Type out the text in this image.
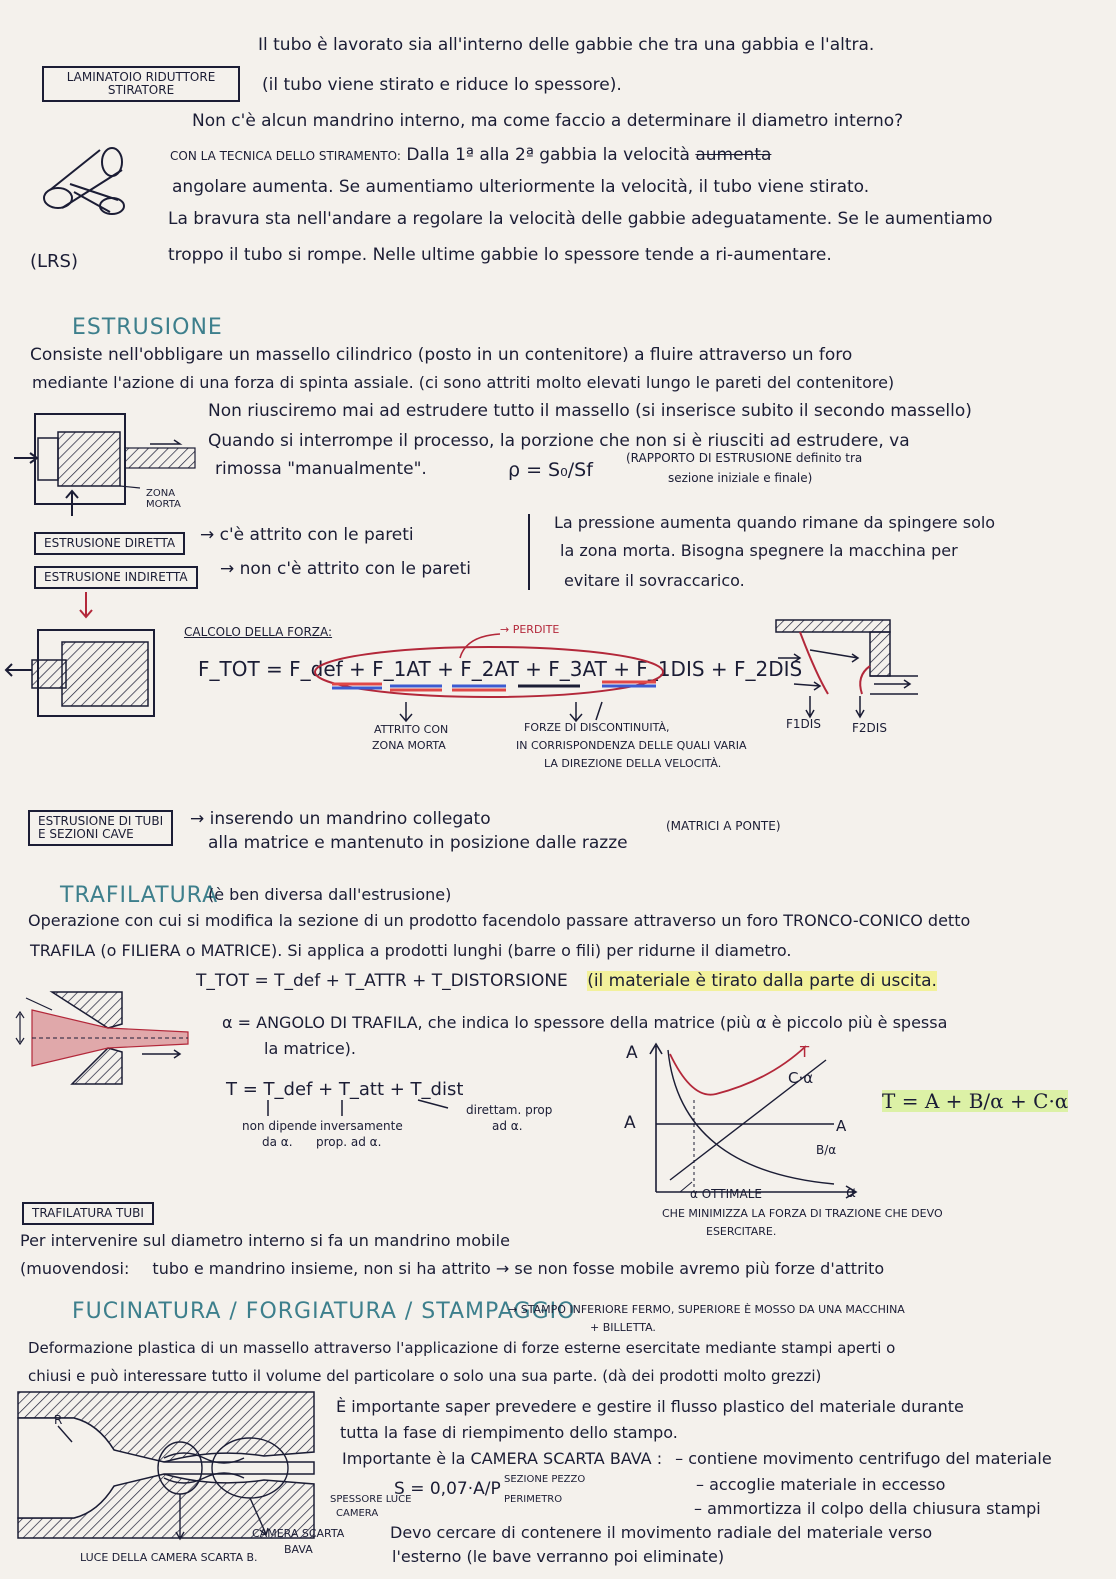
LAMINATOIO RIDUTTORE
STIRATORE
Il tubo è lavorato sia all'interno delle gabbie che tra una gabbia e l'altra.
(il tubo viene stirato e riduce lo spessore).
Non c'è alcun mandrino interno, ma come faccio a determinare il diametro interno?
CON LA TECNICA DELLO STIRAMENTO: Dalla 1ª alla 2ª gabbia la velocità aumenta
angolare aumenta. Se aumentiamo ulteriormente la velocità, il tubo viene stirato.
La bravura sta nell'andare a regolare la velocità delle gabbie adeguatamente. Se le aumentiamo
troppo il tubo si rompe. Nelle ultime gabbie lo spessore tende a ri-aumentare.
(LRS)
ESTRUSIONE
Consiste nell'obbligare un massello cilindrico (posto in un contenitore) a fluire attraverso un foro
mediante l'azione di una forza di spinta assiale. (ci sono attriti molto elevati lungo le pareti del contenitore)
Non riusciremo mai ad estrudere tutto il massello (si inserisce subito il secondo massello)
Quando si interrompe il processo, la porzione che non si è riusciti ad estrudere, va
rimossa "manualmente".	ρ = S₀/Sf
(RAPPORTO DI ESTRUSIONE definito tra
sezione iniziale e finale)
ZONA MORTA
ESTRUSIONE DIRETTA	→ c'è attrito con le pareti
ESTRUSIONE INDIRETTA	→ non c'è attrito con le pareti
La pressione aumenta quando rimane da spingere solo
la zona morta. Bisogna spegnere la macchina per
evitare il sovraccarico.
CALCOLO DELLA FORZA:	→ PERDITE
F_TOT = F_def + F_1AT + F_2AT + F_3AT + F_1DIS + F_2DIS
ATTRITO CON
ZONA MORTA
FORZE DI DISCONTINUITÀ,
IN CORRISPONDENZA DELLE QUALI VARIA
LA DIREZIONE DELLA VELOCITÀ.
F1DIS	F2DIS
ESTRUSIONE DI TUBI
E SEZIONI CAVE
→ inserendo un mandrino collegato
alla matrice e mantenuto in posizione dalle razze
(MATRICI A PONTE)
TRAFILATURA
(è ben diversa dall'estrusione)
Operazione con cui si modifica la sezione di un prodotto facendolo passare attraverso un foro TRONCO-CONICO detto
TRAFILA (o FILIERA o MATRICE). Si applica a prodotti lunghi (barre o fili) per ridurne il diametro.
T_TOT = T_def + T_ATTR + T_DISTORSIONE (il materiale è tirato dalla parte di uscita.
α = ANGOLO DI TRAFILA, che indica lo spessore della matrice (più α è piccolo più è spessa
la matrice).
T = T_def + T_att + T_dist
non dipende
da α.
inversamente
prop. ad α.
direttam. prop
ad α.
A
A
T
C·α
A
B/α
α
α OTTIMALE
CHE MINIMIZZA LA FORZA DI TRAZIONE CHE DEVO
ESERCITARE.
T = A + B/α + C·α
TRAFILATURA TUBI
Per intervenire sul diametro interno si fa un mandrino mobile
(muovendosi: tubo e mandrino insieme, non si ha attrito → se non fosse mobile avremo più forze d'attrito
FUCINATURA / FORGIATURA / STAMPAGGIO
→ STAMPO INFERIORE FERMO, SUPERIORE È MOSSO DA UNA MACCHINA
+ BILLETTA.
Deformazione plastica di un massello attraverso l'applicazione di forze esterne esercitate mediante stampi aperti o
chiusi e può interessare tutto il volume del particolare o solo una sua parte. (dà dei prodotti molto grezzi)
È importante saper prevedere e gestire il flusso plastico del materiale durante
tutta la fase di riempimento dello stampo.
Importante è la CAMERA SCARTA BAVA : – contiene movimento centrifugo del materiale
– accoglie materiale in eccesso
– ammortizza il colpo della chiusura stampi
S = 0,07·A/P SEZIONE PEZZO
PERIMETRO
SPESSORE LUCE
CAMERA
Devo cercare di contenere il movimento radiale del materiale verso
l'esterno (le bave verranno poi eliminate)
R
LUCE DELLA CAMERA SCARTA B.
CAMERA SCARTA
BAVA
